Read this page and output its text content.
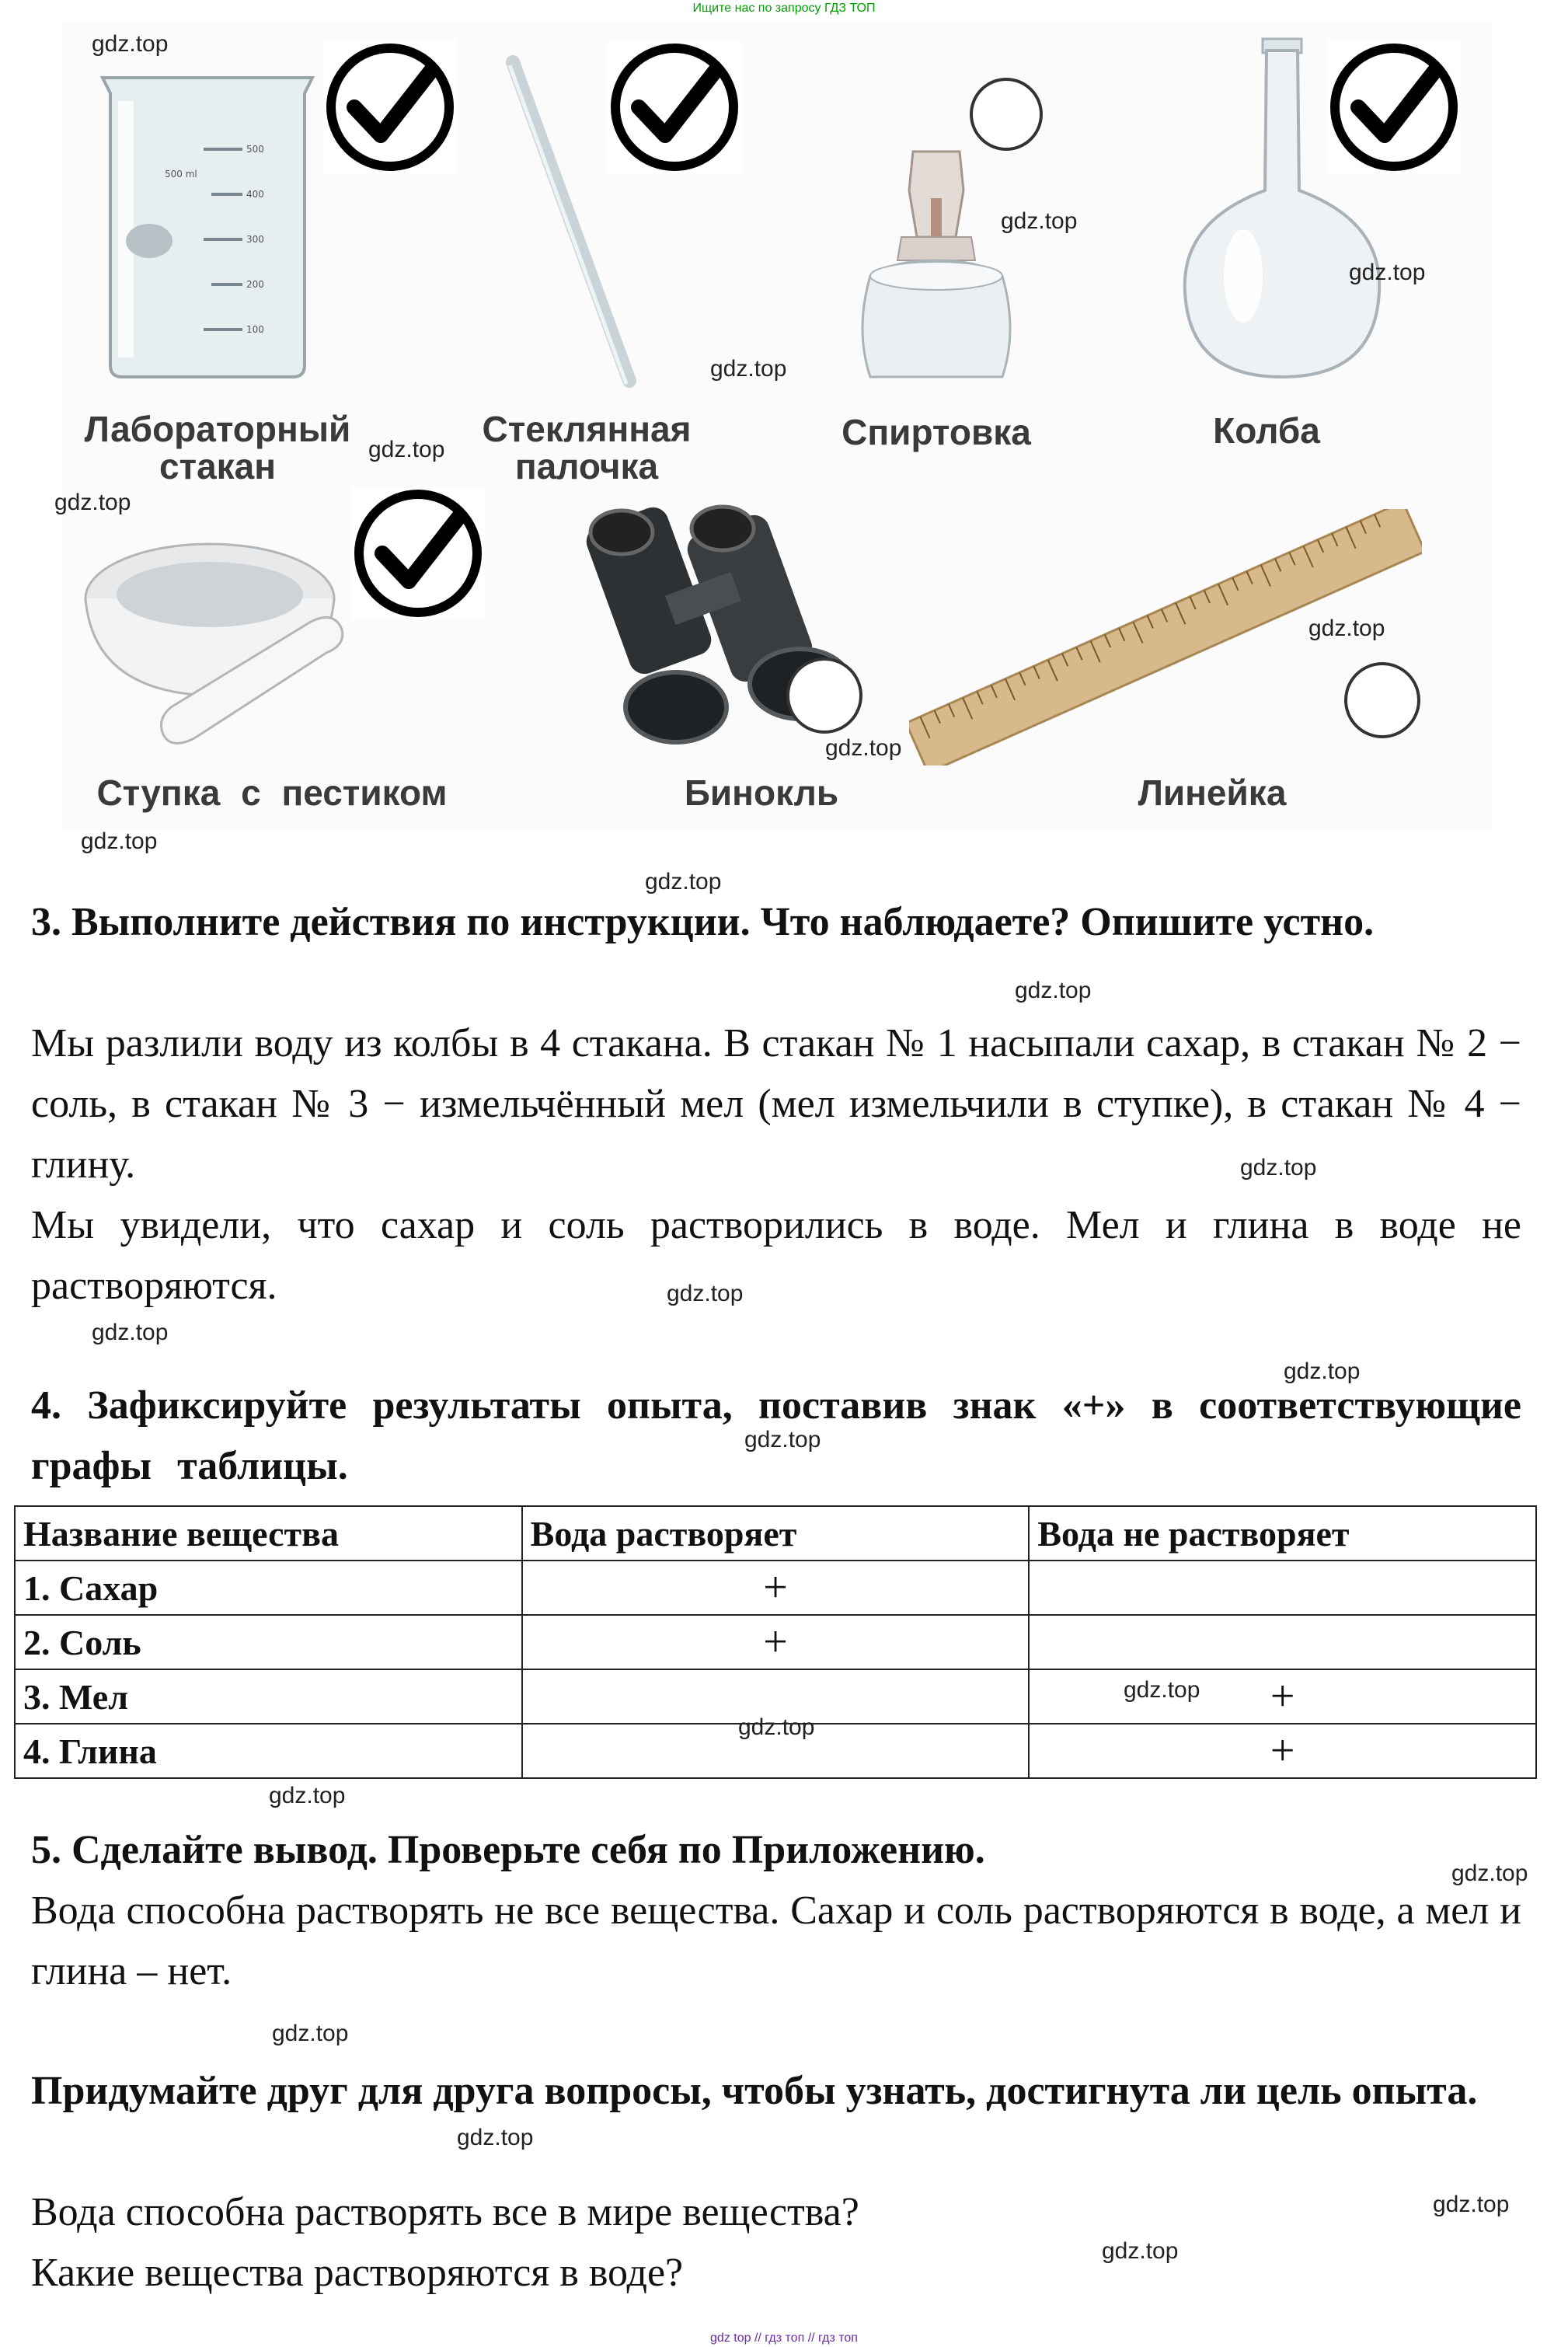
Ищите нас по запросу ГДЗ ТОП
500
400
300
200
100
500 ml
Лабораторный стакан
Стеклянная палочка
Спиртовка	Колба
Ступка с пестиком	Бинокль	Линейка
3. Выполните действия по инструкции. Что наблюдаете? Опишите устно.
Мы разлили воду из колбы в 4 стакана. В стакан № 1 насыпали сахар, в стакан № 2 − соль, в стакан № 3 − измельчённый мел (мел измельчили в ступке), в стакан № 4 − глину.
Мы увидели, что сахар и соль растворились в воде. Мел и глина в воде не растворяются.
4. Зафиксируйте результаты опыта, поставив знак «+» в соответствующие графы таблицы.
Название вещества	Вода растворяет	Вода не растворяет
1. Сахар	+	
2. Соль	+	
3. Мел		+
4. Глина		+
5. Сделайте вывод. Проверьте себя по Приложению.
Вода способна растворять не все вещества. Сахар и соль растворяются в воде, а мел и глина – нет.
Придумайте друг для друга вопросы, чтобы узнать, достигнута ли цель опыта.
Вода способна растворять все в мире вещества?
Какие вещества растворяются в воде?
gdz.top
gdz.top
gdz.top
gdz.top
gdz.top
gdz.top
gdz.top
gdz.top
gdz.top
gdz.top
gdz.top
gdz.top
gdz.top
gdz.top
gdz.top
gdz.top
gdz.top
gdz.top
gdz.top
gdz.top
gdz.top
gdz.top
gdz.top
gdz.top
gdz top // гдз топ // гдз топ
